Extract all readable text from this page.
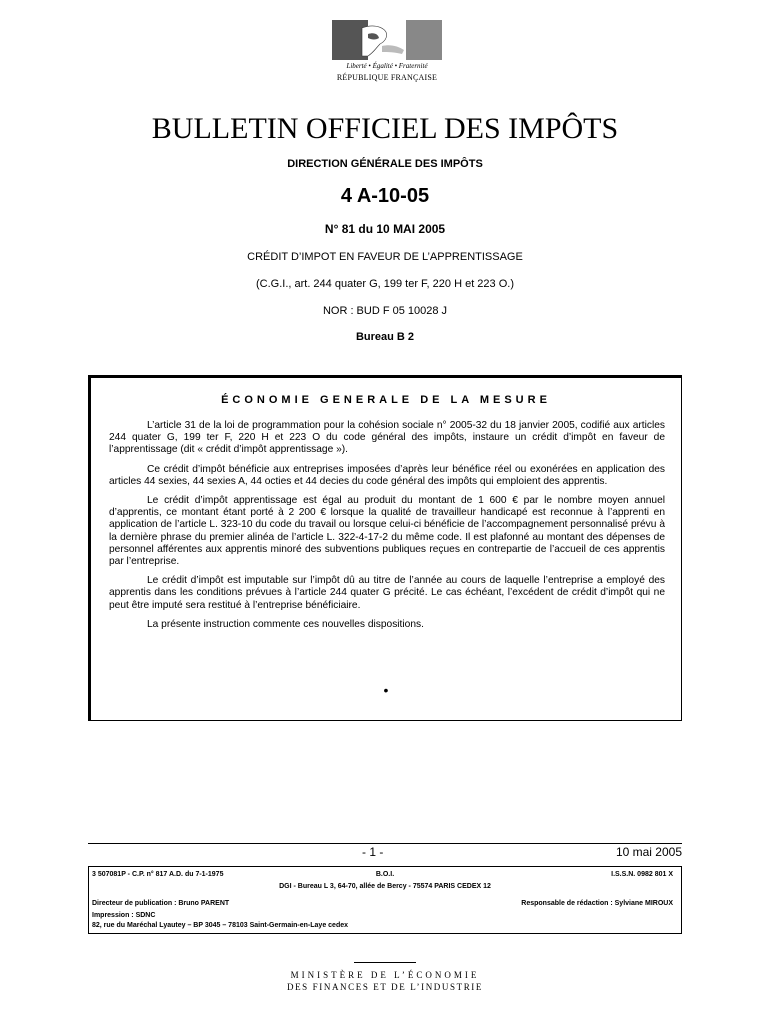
Liberté • Égalité • Fraternité
RÉPUBLIQUE FRANÇAISE
BULLETIN OFFICIEL DES IMPÔTS
DIRECTION GÉNÉRALE DES IMPÔTS
4 A-10-05
N° 81 du 10 MAI 2005
CRÉDIT D’IMPOT EN FAVEUR DE L’APPRENTISSAGE
(C.G.I., art. 244 quater G, 199 ter F, 220 H et 223 O.)
NOR : BUD F 05 10028 J
Bureau B 2
ÉCONOMIE GENERALE DE LA MESURE

L’article 31 de la loi de programmation pour la cohésion sociale n° 2005-32 du 18 janvier 2005, codifié aux articles 244 quater G, 199 ter F, 220 H et 223 O du code général des impôts, instaure un crédit d’impôt en faveur de l’apprentissage (dit « crédit d’impôt apprentissage »).

Ce crédit d’impôt bénéficie aux entreprises imposées d’après leur bénéfice réel ou exonérées en application des articles 44 sexies, 44 sexies A, 44 octies et 44 decies du code général des impôts qui emploient des apprentis.

Le crédit d’impôt apprentissage est égal au produit du montant de 1 600 € par le nombre moyen annuel d’apprentis, ce montant étant porté à 2 200 € lorsque la qualité de travailleur handicapé est reconnue à l’apprenti en application de l’article L. 323-10 du code du travail ou lorsque celui-ci bénéficie de l’accompagnement personnalisé prévu à la dernière phrase du premier alinéa de l’article L. 322-4-17-2 du même code. Il est plafonné au montant des dépenses de personnel afférentes aux apprentis minoré des subventions publiques reçues en contrepartie de l’accueil de ces apprentis par l’entreprise.

Le crédit d’impôt est imputable sur l’impôt dû au titre de l’année au cours de laquelle l’entreprise a employé des apprentis dans les conditions prévues à l’article 244 quater G précité. Le cas échéant, l’excédent de crédit d’impôt qui ne peut être imputé sera restitué à l’entreprise bénéficiaire.

La présente instruction commente ces nouvelles dispositions.

•
- 1 -	10 mai 2005
3 507081P - C.P. n° 817 A.D. du 7-1-1975	B.O.I.	I.S.S.N. 0982 801 X
DGI - Bureau L 3, 64-70, allée de Bercy - 75574 PARIS CEDEX 12
Directeur de publication : Bruno PARENT	Responsable de rédaction : Sylviane MIROUX
Impression : SDNC
82, rue du Maréchal Lyautey – BP 3045 – 78103 Saint-Germain-en-Laye cedex
MINISTÈRE DE L’ÉCONOMIE
DES FINANCES ET DE L’INDUSTRIE
